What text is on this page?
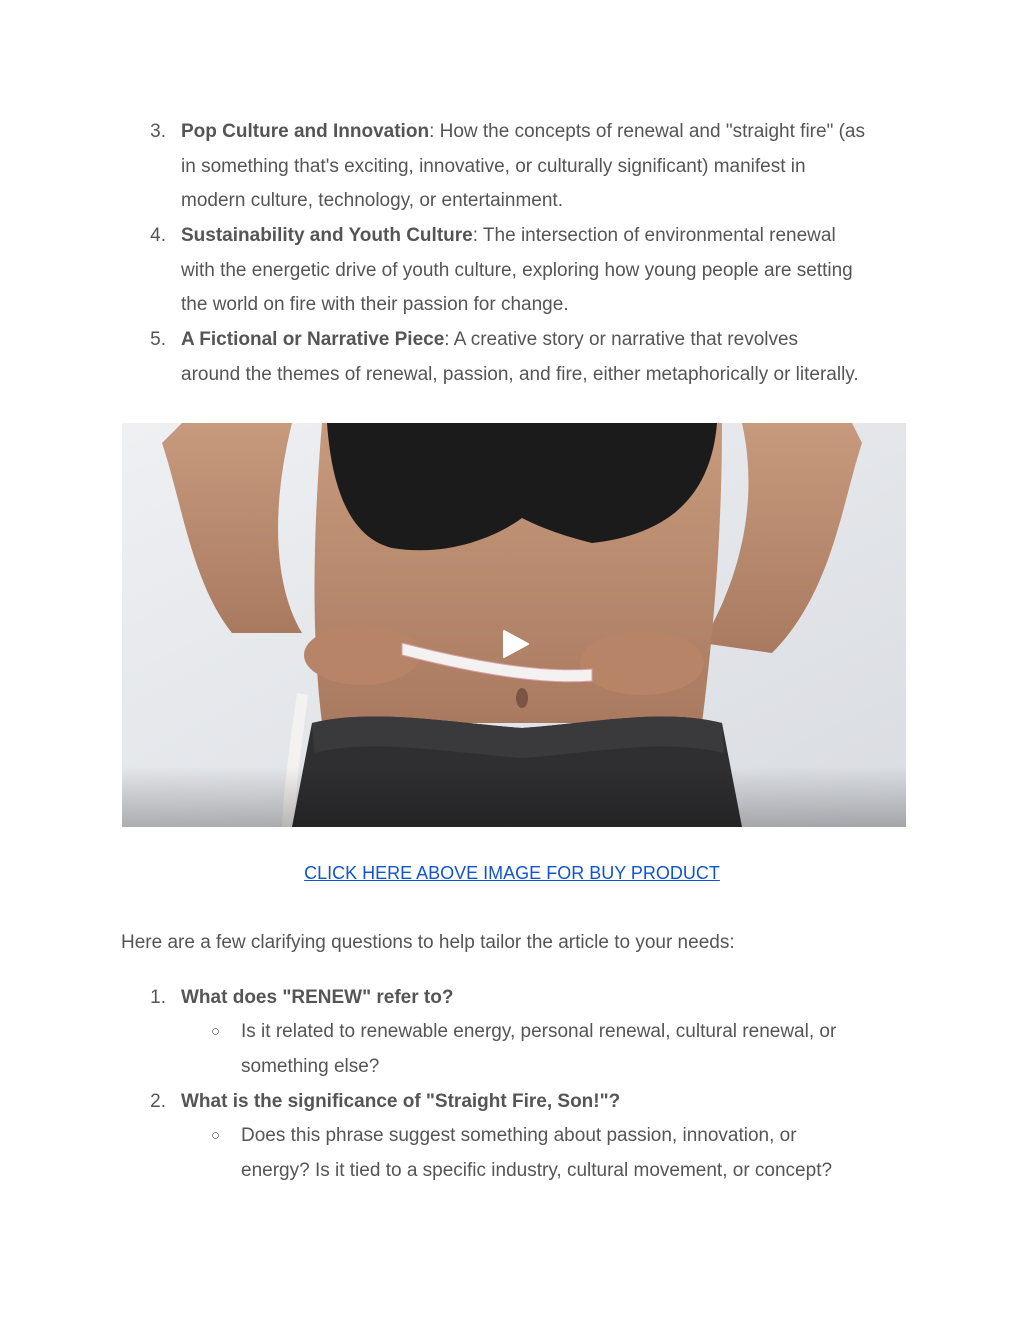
3. Pop Culture and Innovation: How the concepts of renewal and "straight fire" (as
in something that's exciting, innovative, or culturally significant) manifest in
modern culture, technology, or entertainment.
4. Sustainability and Youth Culture: The intersection of environmental renewal
with the energetic drive of youth culture, exploring how young people are setting
the world on fire with their passion for change.
5. A Fictional or Narrative Piece: A creative story or narrative that revolves
around the themes of renewal, passion, and fire, either metaphorically or literally.
CLICK HERE ABOVE IMAGE FOR BUY PRODUCT
Here are a few clarifying questions to help tailor the article to your needs:
1. What does "RENEW" refer to?
○ Is it related to renewable energy, personal renewal, cultural renewal, or
something else?
2. What is the significance of "Straight Fire, Son!"?
○ Does this phrase suggest something about passion, innovation, or
energy? Is it tied to a specific industry, cultural movement, or concept?
